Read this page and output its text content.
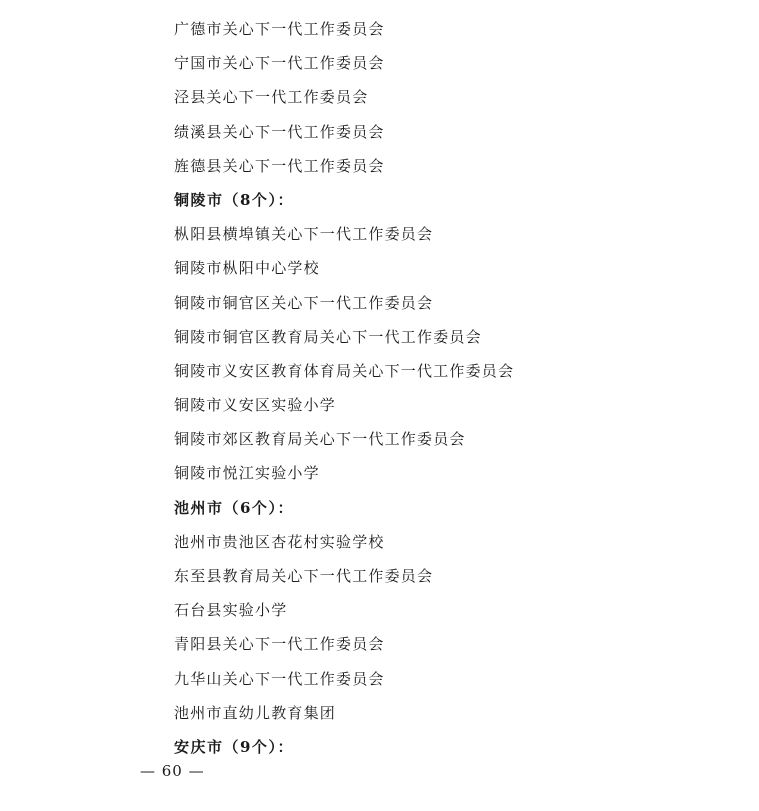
广德市关心下一代工作委员会
宁国市关心下一代工作委员会
泾县关心下一代工作委员会
绩溪县关心下一代工作委员会
旌德县关心下一代工作委员会
铜陵市（8个）：
枞阳县横埠镇关心下一代工作委员会
铜陵市枞阳中心学校
铜陵市铜官区关心下一代工作委员会
铜陵市铜官区教育局关心下一代工作委员会
铜陵市义安区教育体育局关心下一代工作委员会
铜陵市义安区实验小学
铜陵市郊区教育局关心下一代工作委员会
铜陵市悦江实验小学
池州市（6个）：
池州市贵池区杏花村实验学校
东至县教育局关心下一代工作委员会
石台县实验小学
青阳县关心下一代工作委员会
九华山关心下一代工作委员会
池州市直幼儿教育集团
安庆市（9个）：
— 60 —
